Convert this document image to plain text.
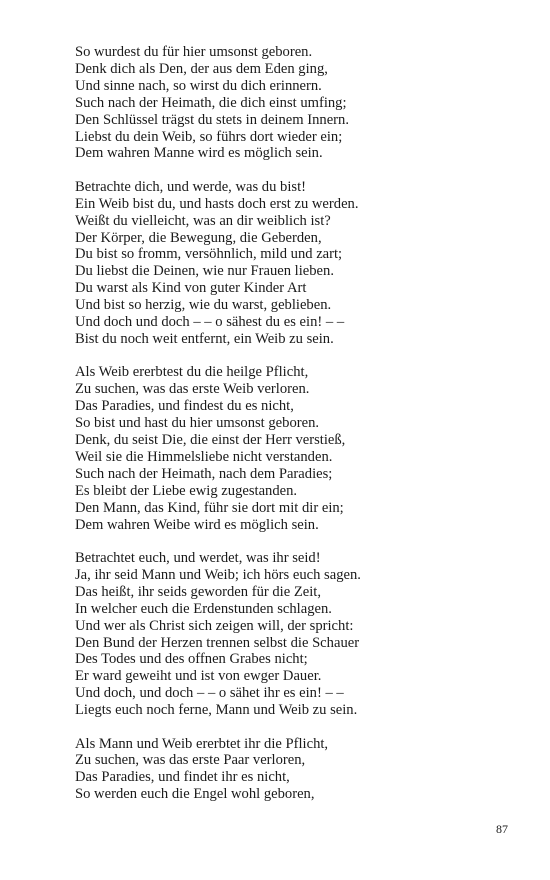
So wurdest du für hier umsonst geboren.
Denk dich als Den, der aus dem Eden ging,
Und sinne nach, so wirst du dich erinnern.
Such nach der Heimath, die dich einst umfing;
Den Schlüssel trägst du stets in deinem Innern.
Liebst du dein Weib, so führs dort wieder ein;
Dem wahren Manne wird es möglich sein.
Betrachte dich, und werde, was du bist!
Ein Weib bist du, und hasts doch erst zu werden.
Weißt du vielleicht, was an dir weiblich ist?
Der Körper, die Bewegung, die Geberden,
Du bist so fromm, versöhnlich, mild und zart;
Du liebst die Deinen, wie nur Frauen lieben.
Du warst als Kind von guter Kinder Art
Und bist so herzig, wie du warst, geblieben.
Und doch und doch – – o sähest du es ein! – –
Bist du noch weit entfernt, ein Weib zu sein.
Als Weib ererbtest du die heilge Pflicht,
Zu suchen, was das erste Weib verloren.
Das Paradies, und findest du es nicht,
So bist und hast du hier umsonst geboren.
Denk, du seist Die, die einst der Herr verstieß,
Weil sie die Himmelsliebe nicht verstanden.
Such nach der Heimath, nach dem Paradies;
Es bleibt der Liebe ewig zugestanden.
Den Mann, das Kind, führ sie dort mit dir ein;
Dem wahren Weibe wird es möglich sein.
Betrachtet euch, und werdet, was ihr seid!
Ja, ihr seid Mann und Weib; ich hörs euch sagen.
Das heißt, ihr seids geworden für die Zeit,
In welcher euch die Erdenstunden schlagen.
Und wer als Christ sich zeigen will, der spricht:
Den Bund der Herzen trennen selbst die Schauer
Des Todes und des offnen Grabes nicht;
Er ward geweiht und ist von ewger Dauer.
Und doch, und doch – – o sähet ihr es ein! – –
Liegts euch noch ferne, Mann und Weib zu sein.
Als Mann und Weib ererbtet ihr die Pflicht,
Zu suchen, was das erste Paar verloren,
Das Paradies, und findet ihr es nicht,
So werden euch die Engel wohl geboren,
87
